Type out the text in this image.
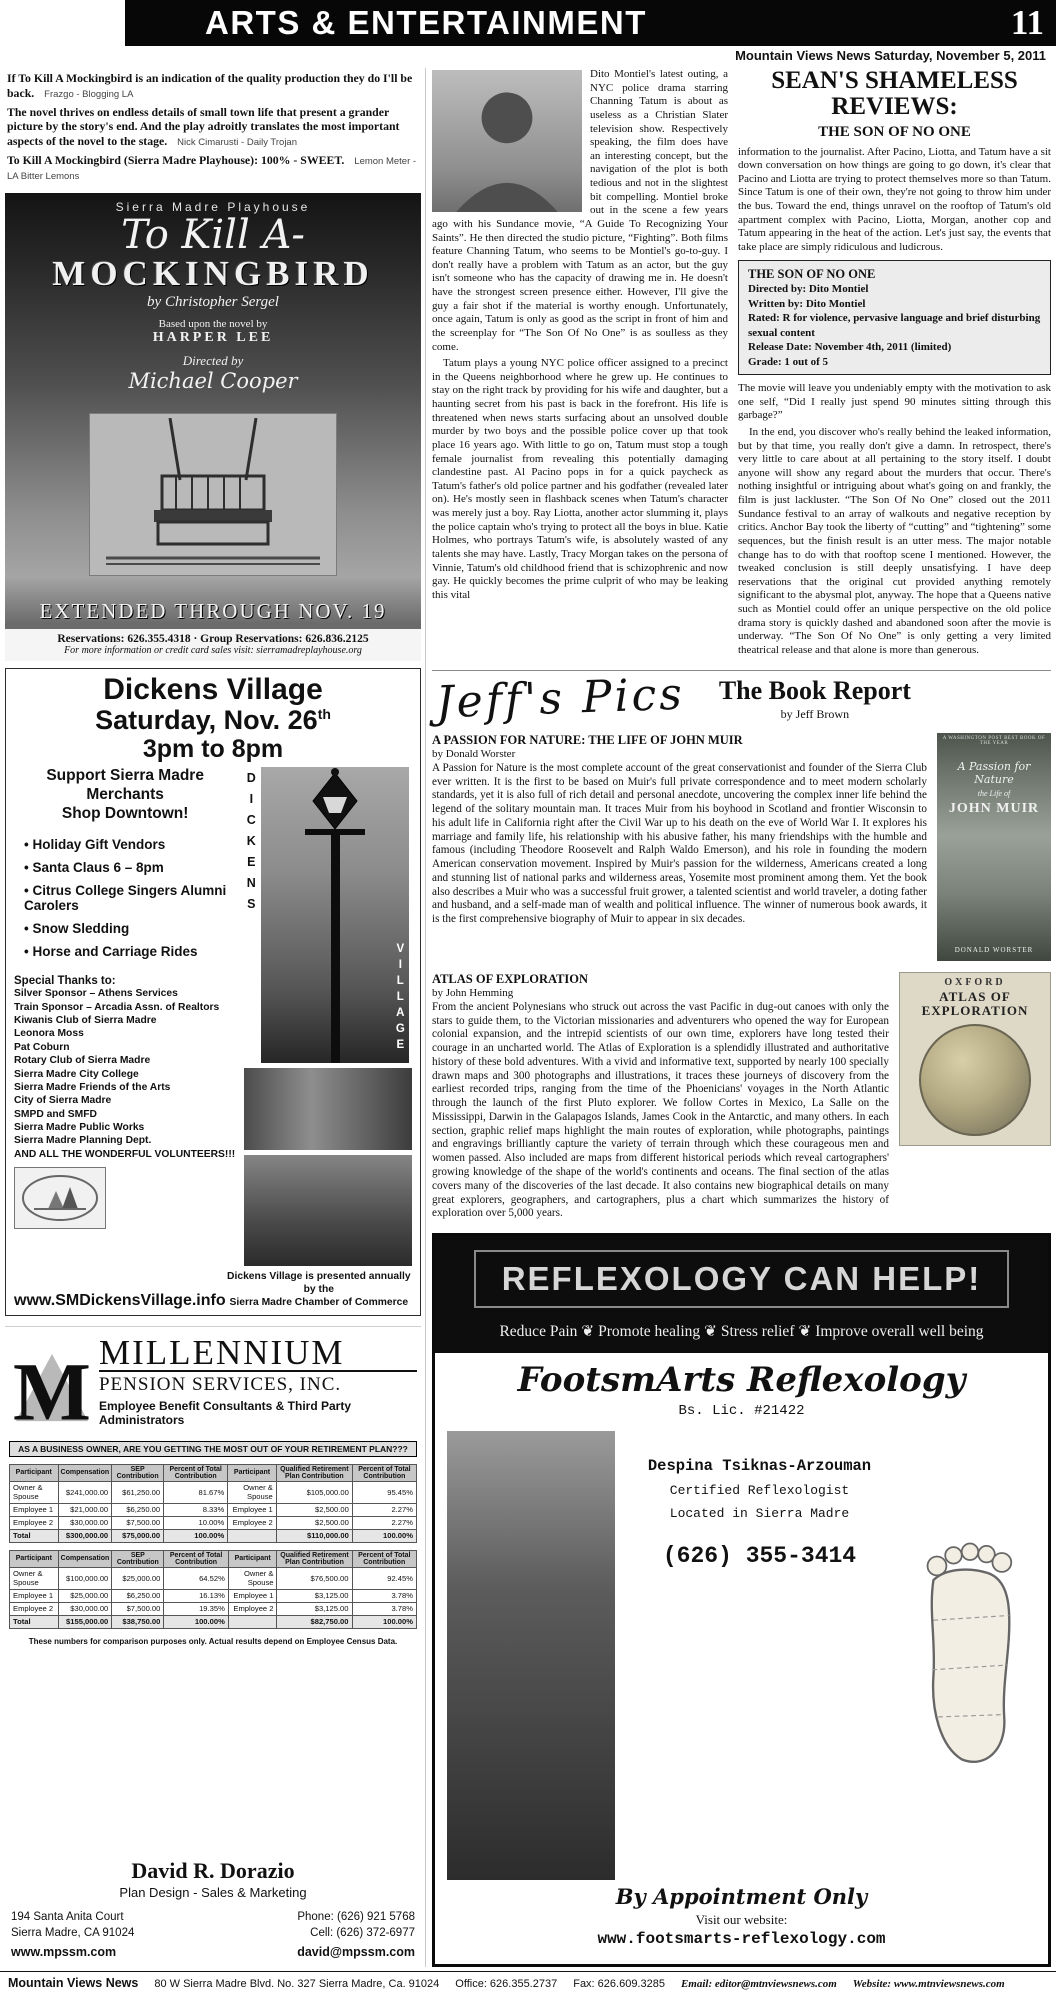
ARTS & ENTERTAINMENT	11
Mountain Views News Saturday, November 5, 2011
If To Kill A Mockingbird is an indication of the quality production they do I'll be back. Frazgo - Blogging LA
The novel thrives on endless details of small town life that present a grander picture by the story's end. And the play adroitly translates the most important aspects of the novel to the stage. Nick Cimarusti - Daily Trojan
To Kill A Mockingbird (Sierra Madre Playhouse): 100% - SWEET. Lemon Meter - LA Bitter Lemons
Sierra Madre Playhouse
To Kill A-
MOCKINGBIRD
by Christopher Sergel
Based upon the novel by
HARPER LEE
Directed by
Michael Cooper
EXTENDED THROUGH NOV. 19
Reservations: 626.355.4318 · Group Reservations: 626.836.2125
For more information or credit card sales visit: sierramadreplayhouse.org
Dickens Village
Saturday, Nov. 26th
3pm to 8pm
Support Sierra Madre Merchants
Shop Downtown!
• Holiday Gift Vendors
• Santa Claus 6 – 8pm
• Citrus College Singers Alumni Carolers
• Snow Sledding
• Horse and Carriage Rides
Special Thanks to:
Silver Sponsor – Athens Services
Train Sponsor – Arcadia Assn. of Realtors
Kiwanis Club of Sierra Madre
Leonora Moss
Pat Coburn
Rotary Club of Sierra Madre
Sierra Madre City College
Sierra Madre Friends of the Arts
City of Sierra Madre
SMPD and SMFD
Sierra Madre Public Works
Sierra Madre Planning Dept.
AND ALL THE WONDERFUL VOLUNTEERS!!!
DICKENS
VILLAGE
www.SMDickensVillage.info
Dickens Village is presented annually by the
Sierra Madre Chamber of Commerce
M MILLENNIUM
PENSION SERVICES, INC.
Employee Benefit Consultants & Third Party Administrators
AS A BUSINESS OWNER, ARE YOU GETTING THE MOST OUT OF YOUR RETIREMENT PLAN???
Participant	Compensation	SEP Contribution	Percent of Total Contribution	Participant	Qualified Retirement Plan Contribution	Percent of Total Contribution
Owner & Spouse	$241,000.00	$61,250.00	81.67%	Owner & Spouse	$105,000.00	95.45%
Employee 1	$21,000.00	$6,250.00	8.33%	Employee 1	$2,500.00	2.27%
Employee 2	$30,000.00	$7,500.00	10.00%	Employee 2	$2,500.00	2.27%
Total	$300,000.00	$75,000.00	100.00%		$110,000.00	100.00%
Participant	Compensation	SEP Contribution	Percent of Total Contribution	Participant	Qualified Retirement Plan Contribution	Percent of Total Contribution
Owner & Spouse	$100,000.00	$25,000.00	64.52%	Owner & Spouse	$76,500.00	92.45%
Employee 1	$25,000.00	$6,250.00	16.13%	Employee 1	$3,125.00	3.78%
Employee 2	$30,000.00	$7,500.00	19.35%	Employee 2	$3,125.00	3.78%
Total	$155,000.00	$38,750.00	100.00%		$82,750.00	100.00%
These numbers for comparison purposes only. Actual results depend on Employee Census Data.
David R. Dorazio
Plan Design - Sales & Marketing
194 Santa Anita Court
Sierra Madre, CA 91024
www.mpssm.com
Phone: (626) 921 5768
Cell: (626) 372-6977
david@mpssm.com

Dito Montiel's latest outing, a NYC police drama starring Channing Tatum is about as useless as a Christian Slater television show. Respectively speaking, the film does have an interesting concept, but the navigation of the plot is both tedious and not in the slightest bit compelling. Montiel broke out in the scene a few years ago with his Sundance movie, “A Guide To Recognizing Your Saints”. He then directed the studio picture, “Fighting”. Both films feature Channing Tatum, who seems to be Montiel's go-to-guy. I don't really have a problem with Tatum as an actor, but the guy isn't someone who has the capacity of drawing me in. He doesn't have the strongest screen presence either. However, I'll give the guy a fair shot if the material is worthy enough. Unfortunately, once again, Tatum is only as good as the script in front of him and the screenplay for “The Son Of No One” is as soulless as they come.

Tatum plays a young NYC police officer assigned to a precinct in the Queens neighborhood where he grew up. He continues to stay on the right track by providing for his wife and daughter, but a haunting secret from his past is back in the forefront. His life is threatened when news starts surfacing about an unsolved double murder by two boys and the possible police cover up that took place 16 years ago. With little to go on, Tatum must stop a tough female journalist from revealing this potentially damaging clandestine past. Al Pacino pops in for a quick paycheck as Tatum's father's old police partner and his godfather (revealed later on). He's mostly seen in flashback scenes when Tatum's character was merely just a boy. Ray Liotta, another actor slumming it, plays the police captain who's trying to protect all the boys in blue. Katie Holmes, who portrays Tatum's wife, is absolutely wasted of any talents she may have. Lastly, Tracy Morgan takes on the persona of Vinnie, Tatum's old childhood friend that is schizophrenic and now gay. He quickly becomes the prime culprit of who may be leaking this vital

SEAN'S SHAMELESS REVIEWS:
THE SON OF NO ONE

information to the journalist. After Pacino, Liotta, and Tatum have a sit down conversation on how things are going to go down, it's clear that Pacino and Liotta are trying to protect themselves more so than Tatum. Since Tatum is one of their own, they're not going to throw him under the bus. Toward the end, things unravel on the rooftop of Tatum's old apartment complex with Pacino, Liotta, Morgan, another cop and Tatum appearing in the heat of the action. Let's just say, the events that take place are simply ridiculous and ludicrous.

THE SON OF NO ONE
Directed by: Dito Montiel
Written by: Dito Montiel
Rated: R for violence, pervasive language and brief disturbing sexual content
Release Date: November 4th, 2011 (limited)
Grade: 1 out of 5

The movie will leave you undeniably empty with the motivation to ask one self, “Did I really just spend 90 minutes sitting through this garbage?”

In the end, you discover who's really behind the leaked information, but by that time, you really don't give a damn. In retrospect, there's very little to care about at all pertaining to the story itself. I doubt anyone will show any regard about the murders that occur. There's nothing insightful or intriguing about what's going on and frankly, the film is just lackluster. “The Son Of No One” closed out the 2011 Sundance festival to an array of walkouts and negative reception by critics. Anchor Bay took the liberty of “cutting” and “tightening” some sequences, but the finish result is an utter mess. The major notable change has to do with that rooftop scene I mentioned. However, the tweaked conclusion is still deeply unsatisfying. I have deep reservations that the original cut provided anything remotely significant to the abysmal plot, anyway. The hope that a Queens native such as Montiel could offer an unique perspective on the old police drama story is quickly dashed and abandoned soon after the movie is underway. “The Son Of No One” is only getting a very limited theatrical release and that alone is more than generous.

Jeff's Pics The Book Report
by Jeff Brown
A PASSION FOR NATURE: THE LIFE OF JOHN MUIR
by Donald Worster
A Passion for Nature is the most complete account of the great conservationist and founder of the Sierra Club ever written. It is the first to be based on Muir's full private correspondence and to meet modern scholarly standards, yet it is also full of rich detail and personal anecdote, uncovering the complex inner life behind the legend of the solitary mountain man. It traces Muir from his boyhood in Scotland and frontier Wisconsin to his adult life in California right after the Civil War up to his death on the eve of World War I. It explores his marriage and family life, his relationship with his abusive father, his many friendships with the humble and famous (including Theodore Roosevelt and Ralph Waldo Emerson), and his role in founding the modern American conservation movement. Inspired by Muir's passion for the wilderness, Americans created a long and stunning list of national parks and wilderness areas, Yosemite most prominent among them. Yet the book also describes a Muir who was a successful fruit grower, a talented scientist and world traveler, a doting father and husband, and a self-made man of wealth and political influence. The winner of numerous book awards, it is the first comprehensive biography of Muir to appear in six decades.
A WASHINGTON POST BEST BOOK OF THE YEAR
A Passion for Nature
the Life of
JOHN MUIR
DONALD WORSTER
ATLAS OF EXPLORATION
by John Hemming
From the ancient Polynesians who struck out across the vast Pacific in dug-out canoes with only the stars to guide them, to the Victorian missionaries and adventurers who opened the way for European colonial expansion, and the intrepid scientists of our own time, explorers have long tested their courage in an uncharted world. The Atlas of Exploration is a splendidly illustrated and authoritative history of these bold adventures. With a vivid and informative text, supported by nearly 100 specially drawn maps and 300 photographs and illustrations, it traces these journeys of discovery from the earliest recorded trips, ranging from the time of the Phoenicians' voyages in the North Atlantic through the launch of the first Pluto explorer. We follow Cortes in Mexico, La Salle on the Mississippi, Darwin in the Galapagos Islands, James Cook in the Antarctic, and many others. In each section, graphic relief maps highlight the main routes of exploration, while photographs, paintings and engravings brilliantly capture the variety of terrain through which these courageous men and women passed. Also included are maps from different historical periods which reveal cartographers' growing knowledge of the shape of the world's continents and oceans. The final section of the atlas covers many of the discoveries of the last decade. It also contains new biographical details on many great explorers, geographers, and cartographers, plus a chart which summarizes the history of exploration over 5,000 years.
OXFORD
ATLAS OF EXPLORATION
REFLEXOLOGY CAN HELP!
Reduce Pain ❦ Promote healing ❦ Stress relief ❦ Improve overall well being
FootsmArts Reflexology
Bs. Lic. #21422
Despina Tsiknas-Arzouman
Certified Reflexologist
Located in Sierra Madre
(626) 355-3414
By Appointment Only
Visit our website:
www.footsmarts-reflexology.com
Mountain Views News 80 W Sierra Madre Blvd. No. 327 Sierra Madre, Ca. 91024 Office: 626.355.2737 Fax: 626.609.3285 Email: editor@mtnviewsnews.com Website: www.mtnviewsnews.com
